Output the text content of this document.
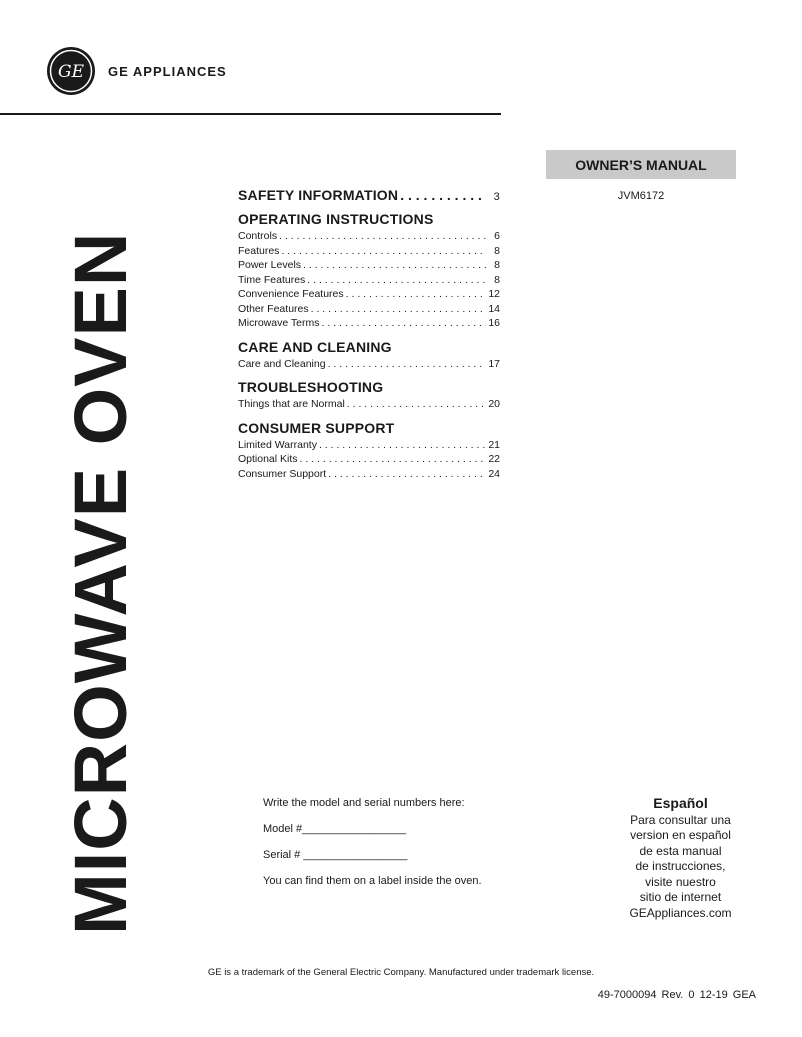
GE GE APPLIANCES
OWNER’S MANUAL
JVM6172
MICROWAVE OVEN
SAFETY INFORMATION . . .	3
OPERATING INSTRUCTIONS
Controls . . .	6
Features . . .	8
Power Levels . . .	8
Time Features . . .	8
Convenience Features . . .	12
Other Features . . .	14
Microwave Terms . . .	16
CARE AND CLEANING
Care and Cleaning . . .	17
TROUBLESHOOTING
Things that are Normal . . .	20
CONSUMER SUPPORT
Limited Warranty . . .	21
Optional Kits . . .	22
Consumer Support . . .	24

Write the model and serial numbers here:

Model #_________________

Serial # _________________

You can find them on a label inside the oven.

Español
Para consultar una
version en español
de esta manual
de instrucciones,
visite nuestro
sitio de internet
GEAppliances.com
GE is a trademark of the General Electric Company. Manufactured under trademark license.
49-7000094 Rev. 0 12-19 GEA
